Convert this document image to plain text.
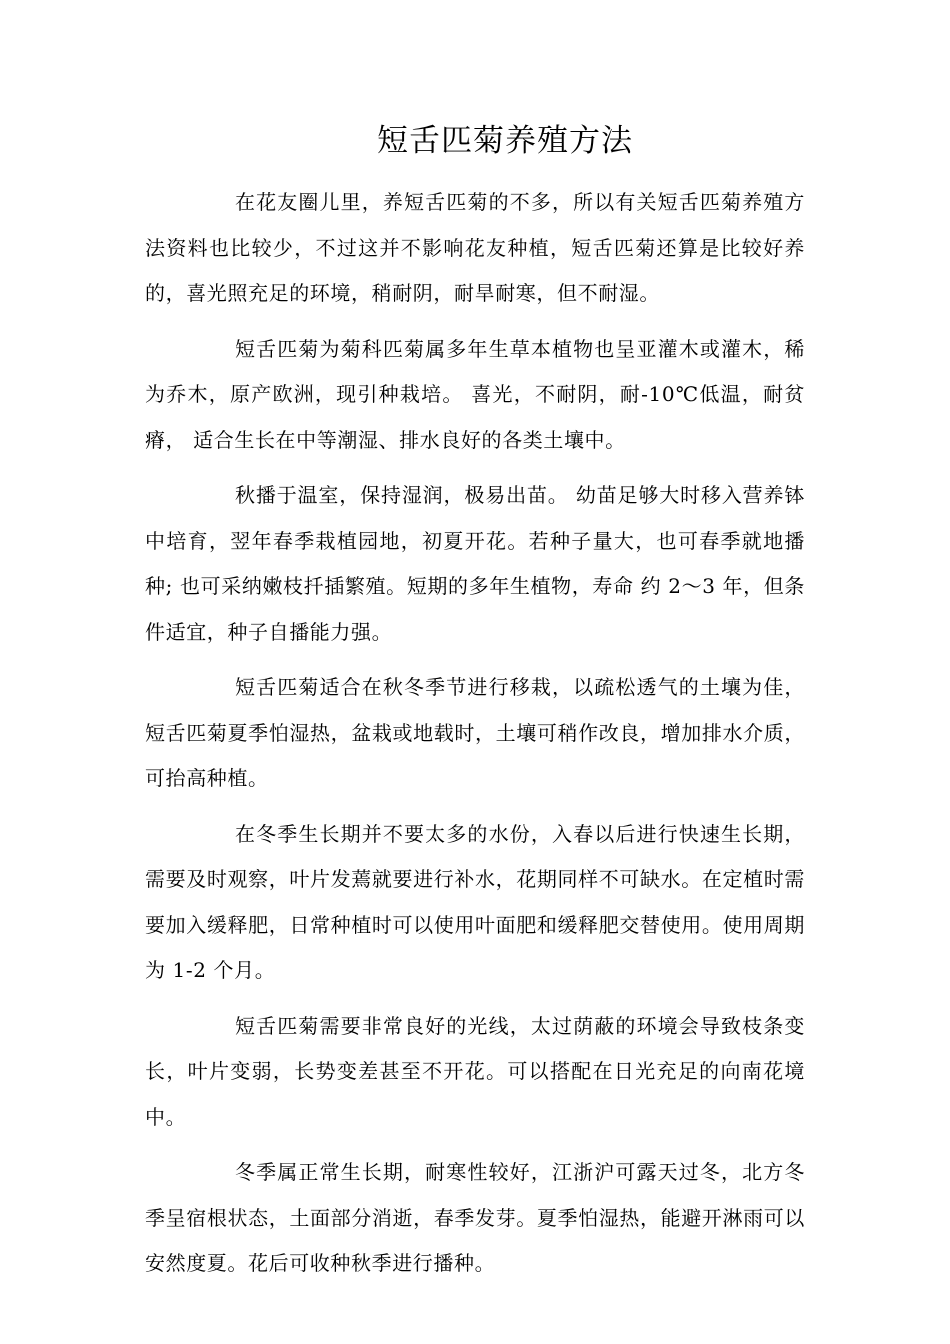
短舌匹菊养殖方法

在花友圈儿里，养短舌匹菊的不多，所以有关短舌匹菊养殖方法资料也比较少，不过这并不影响花友种植，短舌匹菊还算是比较好养的，喜光照充足的环境，稍耐阴，耐旱耐寒，但不耐湿。

短舌匹菊为菊科匹菊属多年生草本植物也呈亚灌木或灌木，稀为乔木，原产欧洲，现引种栽培。 喜光，不耐阴，耐-10℃低温，耐贫瘠， 适合生长在中等潮湿、排水良好的各类土壤中。

秋播于温室，保持湿润，极易出苗。 幼苗足够大时移入营养钵中培育，翌年春季栽植园地，初夏开花。若种子量大，也可春季就地播种; 也可采纳嫩枝扦插繁殖。短期的多年生植物，寿命 约 2～3 年，但条件适宜，种子自播能力强。

短舌匹菊适合在秋冬季节进行移栽，以疏松透气的土壤为佳，短舌匹菊夏季怕湿热，盆栽或地载时，土壤可稍作改良，增加排水介质，可抬高种植。

在冬季生长期并不要太多的水份，入春以后进行快速生长期，需要及时观察，叶片发蔫就要进行补水，花期同样不可缺水。在定植时需要加入缓释肥，日常种植时可以使用叶面肥和缓释肥交替使用。使用周期为 1-2 个月。

短舌匹菊需要非常良好的光线，太过荫蔽的环境会导致枝条变长，叶片变弱，长势变差甚至不开花。可以搭配在日光充足的向南花境中。

冬季属正常生长期，耐寒性较好，江浙沪可露天过冬，北方冬季呈宿根状态，土面部分消逝，春季发芽。夏季怕湿热，能避开淋雨可以安然度夏。花后可收种秋季进行播种。
